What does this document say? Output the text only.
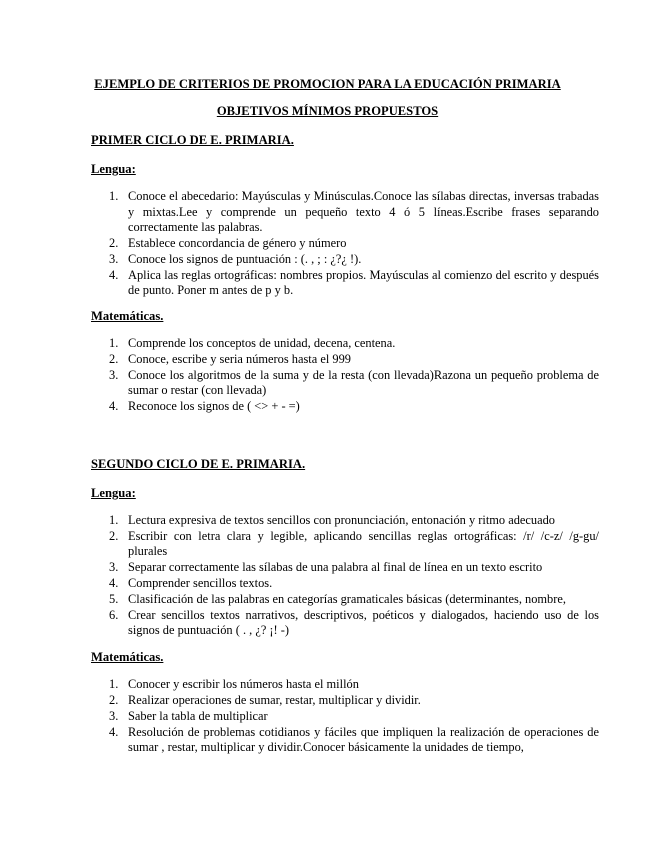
EJEMPLO DE CRITERIOS DE PROMOCION PARA LA EDUCACIÓN PRIMARIA
OBJETIVOS MÍNIMOS PROPUESTOS
PRIMER CICLO DE E. PRIMARIA.
Lengua:
1. Conoce el abecedario: Mayúsculas y Minúsculas.Conoce las sílabas directas, inversas trabadas y mixtas.Lee y comprende un pequeño texto 4 ó 5 líneas.Escribe frases separando correctamente las palabras.
2. Establece concordancia de género y número
3. Conoce los signos de puntuación : (. , ; : ¿?¿ !).
4. Aplica las reglas ortográficas: nombres propios. Mayúsculas al comienzo del escrito y después de punto. Poner m antes de p y b.
Matemáticas.
1. Comprende los conceptos de unidad, decena, centena.
2. Conoce, escribe y seria números hasta el 999
3. Conoce los algoritmos de la suma y de la resta (con llevada)Razona un pequeño problema de sumar o restar (con llevada)
4. Reconoce los signos de ( <> + - =)
SEGUNDO CICLO DE E. PRIMARIA.
Lengua:
1. Lectura expresiva de textos sencillos con pronunciación, entonación y ritmo adecuado
2. Escribir con letra clara y legible, aplicando sencillas reglas ortográficas: /r/ /c-z/ /g-gu/ plurales
3. Separar correctamente las sílabas de una palabra al final de línea en un texto escrito
4. Comprender sencillos textos.
5. Clasificación de las palabras en categorías gramaticales básicas (determinantes, nombre,
6. Crear sencillos textos narrativos, descriptivos, poéticos y dialogados, haciendo uso de los signos de puntuación ( . , ¿? ¡! -)
Matemáticas.
1. Conocer y escribir los números hasta el millón
2. Realizar operaciones de sumar, restar, multiplicar y dividir.
3. Saber la tabla de multiplicar
4. Resolución de problemas cotidianos y fáciles que impliquen la realización de operaciones de sumar , restar, multiplicar y dividir.Conocer básicamente la unidades de tiempo,
